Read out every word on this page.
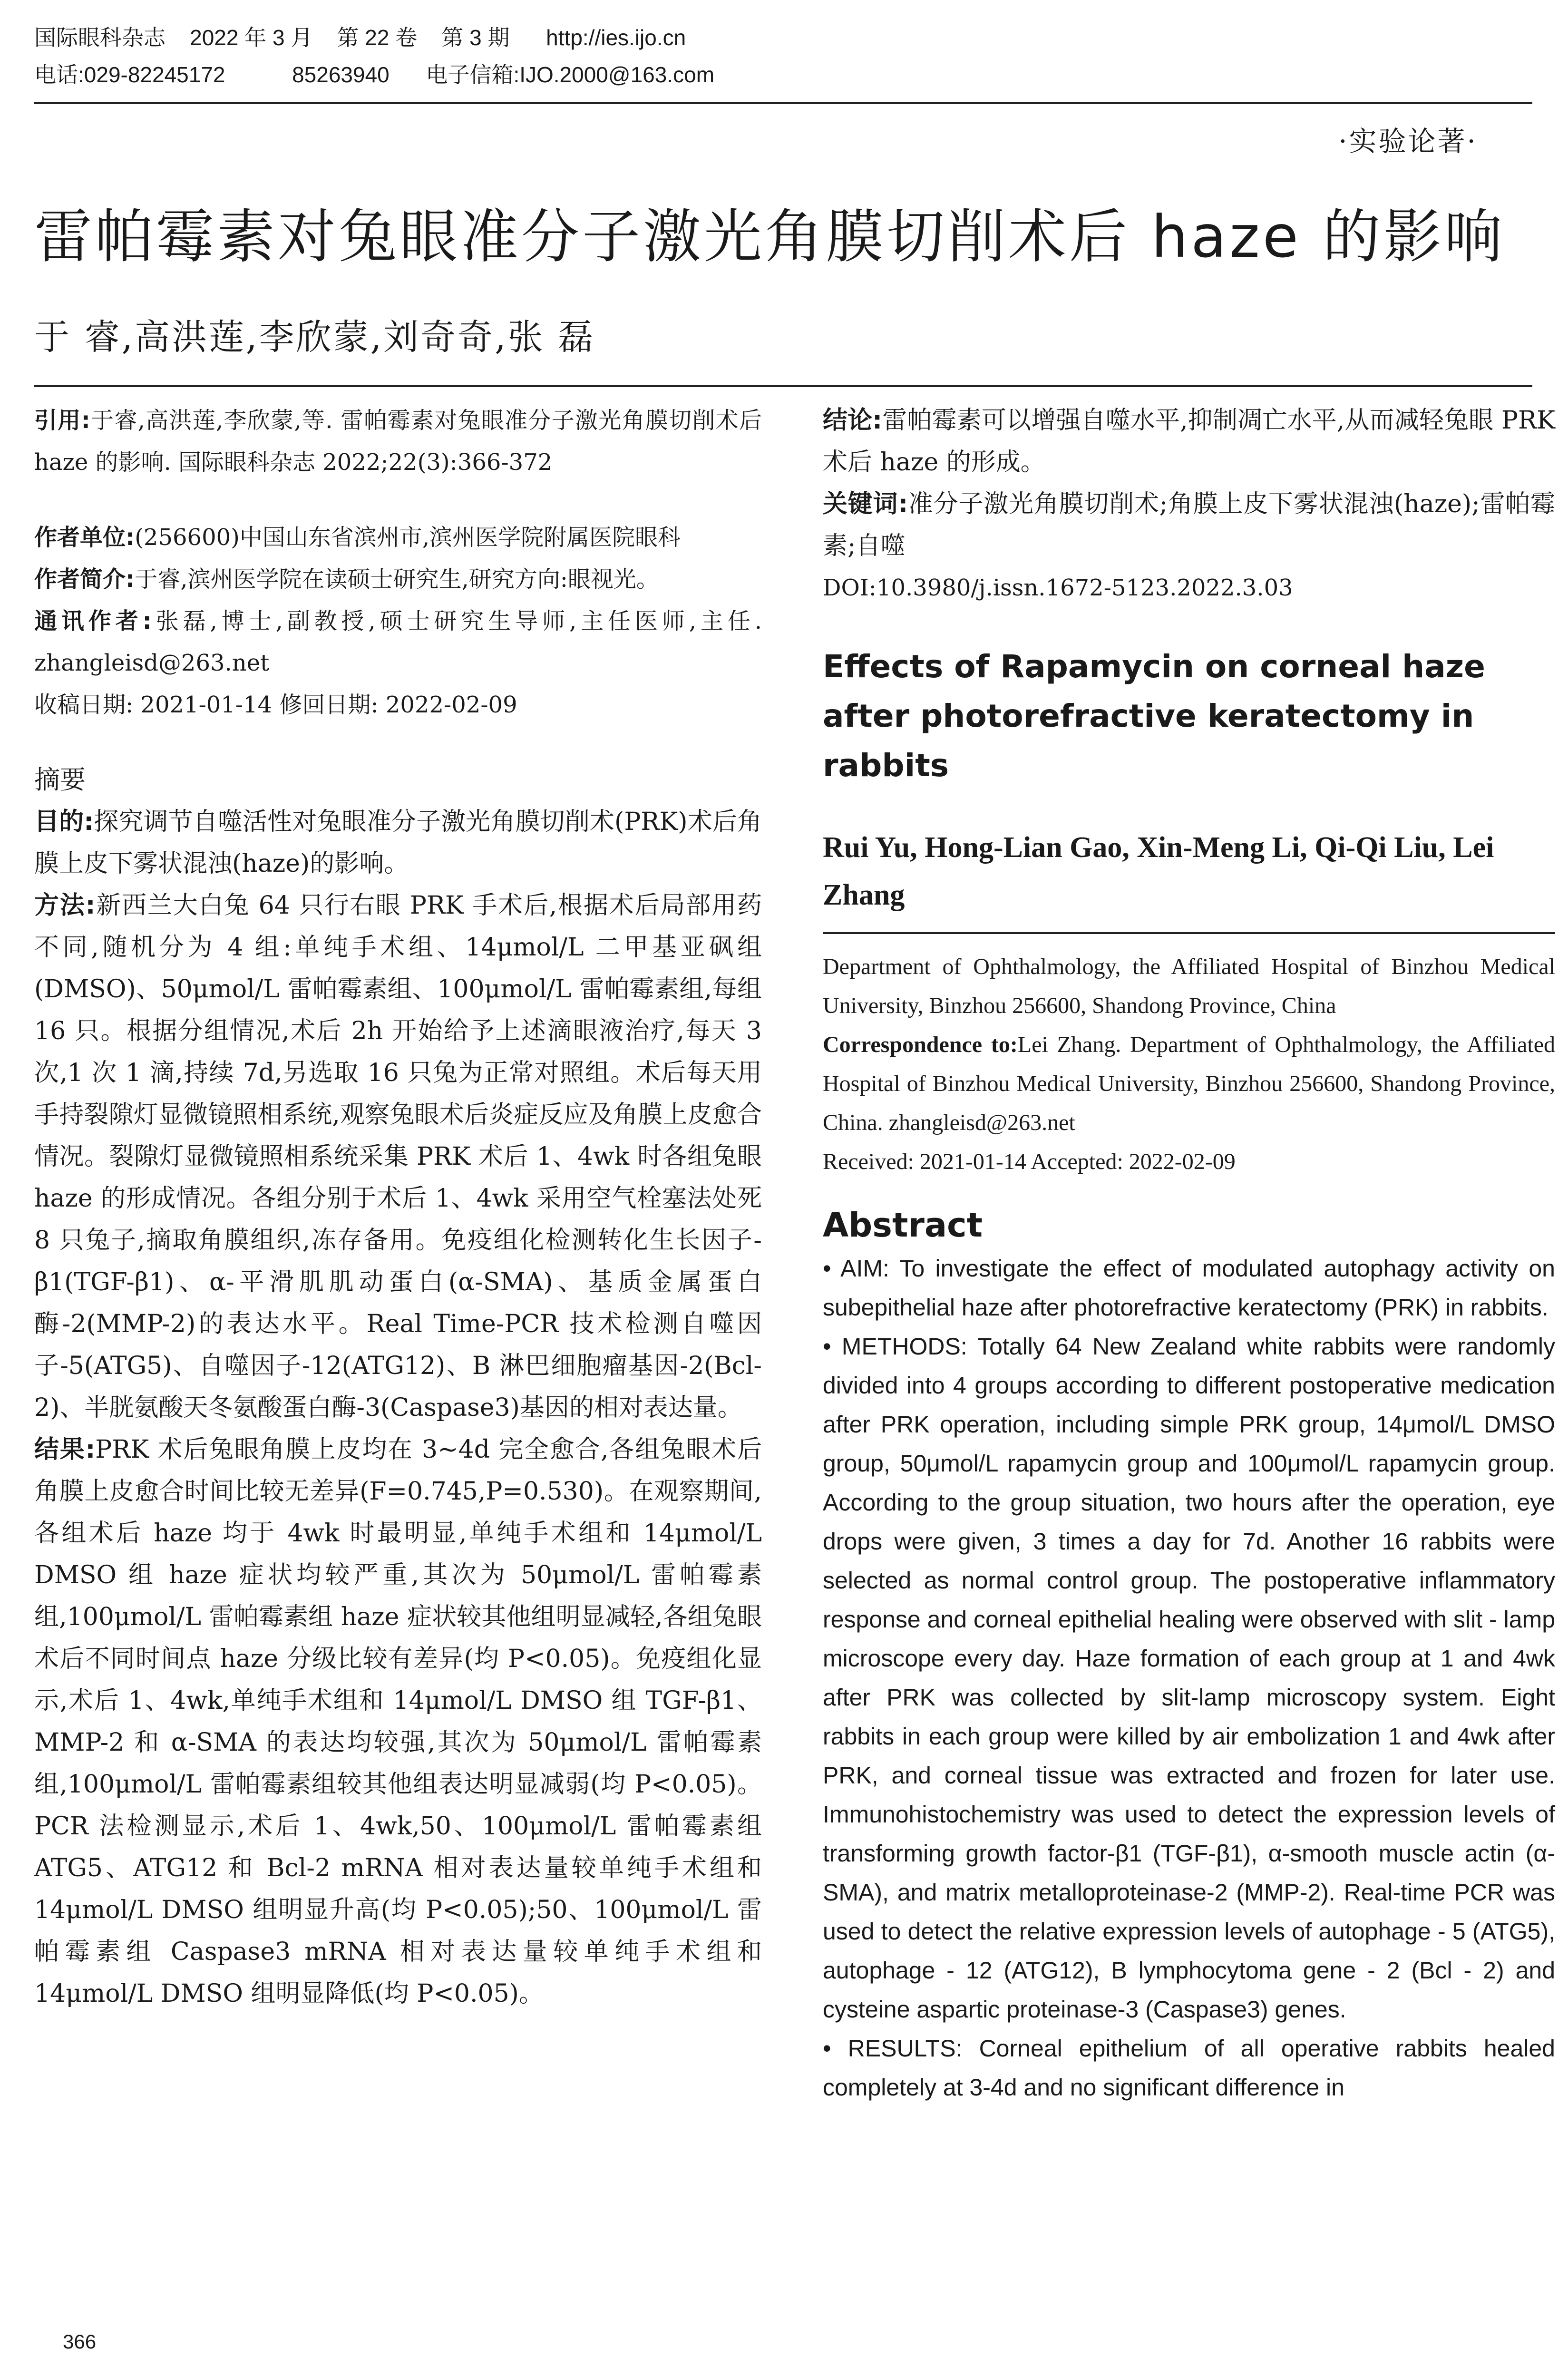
国际眼科杂志    2022 年 3 月    第 22 卷    第 3 期      http://ies.ijo.cn
电话:029-82245172           85263940      电子信箱:IJO.2000@163.com
·实验论著·
雷帕霉素对兔眼准分子激光角膜切削术后 haze 的影响
于 睿,高洪莲,李欣蒙,刘奇奇,张 磊

引用:于睿,高洪莲,李欣蒙,等. 雷帕霉素对兔眼准分子激光角膜切削术后 haze 的影响. 国际眼科杂志 2022;22(3):366-372

作者单位:(256600)中国山东省滨州市,滨州医学院附属医院眼科

作者简介:于睿,滨州医学院在读硕士研究生,研究方向:眼视光。

通讯作者:张磊,博士,副教授,硕士研究生导师,主任医师,主任. zhangleisd@263.net

收稿日期: 2021-01-14 修回日期: 2022-02-09

摘要

目的:探究调节自噬活性对兔眼准分子激光角膜切削术(PRK)术后角膜上皮下雾状混浊(haze)的影响。

方法:新西兰大白兔 64 只行右眼 PRK 手术后,根据术后局部用药不同,随机分为 4 组:单纯手术组、14μmol/L 二甲基亚砜组(DMSO)、50μmol/L 雷帕霉素组、100μmol/L 雷帕霉素组,每组 16 只。根据分组情况,术后 2h 开始给予上述滴眼液治疗,每天 3 次,1 次 1 滴,持续 7d,另选取 16 只兔为正常对照组。术后每天用手持裂隙灯显微镜照相系统,观察兔眼术后炎症反应及角膜上皮愈合情况。裂隙灯显微镜照相系统采集 PRK 术后 1、4wk 时各组兔眼 haze 的形成情况。各组分别于术后 1、4wk 采用空气栓塞法处死 8 只兔子,摘取角膜组织,冻存备用。免疫组化检测转化生长因子-β1(TGF-β1)、α-平滑肌肌动蛋白(α-SMA)、基质金属蛋白酶-2(MMP-2)的表达水平。Real Time-PCR 技术检测自噬因子-5(ATG5)、自噬因子-12(ATG12)、B 淋巴细胞瘤基因-2(Bcl-2)、半胱氨酸天冬氨酸蛋白酶-3(Caspase3)基因的相对表达量。

结果:PRK 术后兔眼角膜上皮均在 3~4d 完全愈合,各组兔眼术后角膜上皮愈合时间比较无差异(F=0.745,P=0.530)。在观察期间,各组术后 haze 均于 4wk 时最明显,单纯手术组和 14μmol/L DMSO 组 haze 症状均较严重,其次为 50μmol/L 雷帕霉素组,100μmol/L 雷帕霉素组 haze 症状较其他组明显减轻,各组兔眼术后不同时间点 haze 分级比较有差异(均 P<0.05)。免疫组化显示,术后 1、4wk,单纯手术组和 14μmol/L DMSO 组 TGF-β1、MMP-2 和 α-SMA 的表达均较强,其次为 50μmol/L 雷帕霉素组,100μmol/L 雷帕霉素组较其他组表达明显减弱(均 P<0.05)。PCR 法检测显示,术后 1、4wk,50、100μmol/L 雷帕霉素组 ATG5、ATG12 和 Bcl-2 mRNA 相对表达量较单纯手术组和 14μmol/L DMSO 组明显升高(均 P<0.05);50、100μmol/L 雷帕霉素组 Caspase3 mRNA 相对表达量较单纯手术组和 14μmol/L DMSO 组明显降低(均 P<0.05)。

结论:雷帕霉素可以增强自噬水平,抑制凋亡水平,从而减轻兔眼 PRK 术后 haze 的形成。

关键词:准分子激光角膜切削术;角膜上皮下雾状混浊(haze);雷帕霉素;自噬

DOI:10.3980/j.issn.1672-5123.2022.3.03

Effects of Rapamycin on corneal haze after photorefractive keratectomy in rabbits

Rui Yu, Hong-Lian Gao, Xin-Meng Li, Qi-Qi Liu, Lei Zhang

Department of Ophthalmology, the Affiliated Hospital of Binzhou Medical University, Binzhou 256600, Shandong Province, China

Correspondence to:Lei Zhang. Department of Ophthalmology, the Affiliated Hospital of Binzhou Medical University, Binzhou 256600, Shandong Province, China. zhangleisd@263.net

Received: 2021-01-14 Accepted: 2022-02-09

Abstract

• AIM: To investigate the effect of modulated autophagy activity on subepithelial haze after photorefractive keratectomy (PRK) in rabbits.

• METHODS: Totally 64 New Zealand white rabbits were randomly divided into 4 groups according to different postoperative medication after PRK operation, including simple PRK group, 14μmol/L DMSO group, 50μmol/L rapamycin group and 100μmol/L rapamycin group. According to the group situation, two hours after the operation, eye drops were given, 3 times a day for 7d. Another 16 rabbits were selected as normal control group. The postoperative inflammatory response and corneal epithelial healing were observed with slit - lamp microscope every day. Haze formation of each group at 1 and 4wk after PRK was collected by slit-lamp microscopy system. Eight rabbits in each group were killed by air embolization 1 and 4wk after PRK, and corneal tissue was extracted and frozen for later use. Immunohistochemistry was used to detect the expression levels of transforming growth factor-β1 (TGF-β1), α-smooth muscle actin (α-SMA), and matrix metalloproteinase-2 (MMP-2). Real-time PCR was used to detect the relative expression levels of autophage - 5 (ATG5), autophage - 12 (ATG12), B lymphocytoma gene - 2 (Bcl - 2) and cysteine aspartic proteinase-3 (Caspase3) genes.

• RESULTS: Corneal epithelium of all operative rabbits healed completely at 3-4d and no significant difference in

366
